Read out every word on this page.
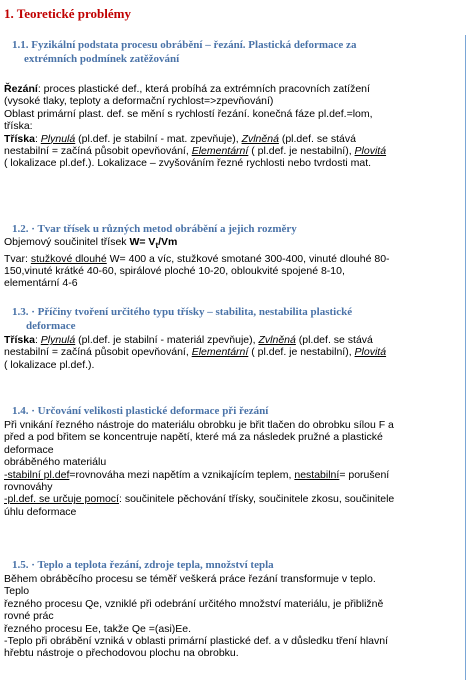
1. Teoretické problémy
1.1. Fyzikální podstata procesu obrábění – řezání. Plastická deformace za
extrémních podmínek zatěžování
Řezání: proces plastické def., která probíhá za extrémních pracovních zatížení
(vysoké tlaky, teploty a deformační rychlost=>zpevňování)
Oblast primární plast. def. se mění s rychlostí řezání. konečná fáze pl.def.=lom,
tříska:
Tříska: Plynulá (pl.def. je stabilní - mat. zpevňuje), Zvlněná (pl.def. se stává
nestabilní = začíná působit opevňování, Elementární ( pl.def. je nestabilní), Plovitá
( lokalizace pl.def.). Lokalizace – zvyšováním řezné rychlosti nebo tvrdosti mat.
1.2. · Tvar třísek u různých metod obrábění a jejich rozměry
Objemový součinitel třísek $W= V_t/Vm$
Tvar: stužkové dlouhé W= 400 a víc, stužkové smotané 300-400, vinuté dlouhé 80-
150,vinuté krátké 40-60, spirálové ploché 10-20, obloukvité spojené 8-10,
elementární 4-6
1.3. · Příčiny tvoření určitého typu třísky – stabilita, nestabilita plastické
deformace
Tříska: Plynulá (pl.def. je stabilní - materiál zpevňuje), Zvlněná (pl.def. se stává
nestabilní = začíná působit opevňování, Elementární ( pl.def. je nestabilní), Plovitá
( lokalizace pl.def.).
1.4. · Určování velikosti plastické deformace při řezání
Při vnikání řezného nástroje do materiálu obrobku je břit tlačen do obrobku sílou F a
před a pod břitem se koncentruje napětí, které má za následek pružné a plastické
deformace
obráběného materiálu
-stabilní pl.def=rovnováha mezi napětím a vznikajícím teplem, nestabilní= porušení
rovnováhy
-pl.def. se určuje pomocí: součinitele pěchování třísky, součinitele zkosu, součinitele
úhlu deformace
1.5. · Teplo a teplota řezání, zdroje tepla, množství tepla
Během obráběcího procesu se téměř veškerá práce řezání transformuje v teplo.
Teplo
řezného procesu Qe, vzniklé při odebrání určitého množství materiálu, je přibližně
rovné prác
řezného procesu Ee, takže Qe =(asi)Ee.
-Teplo při obrábění vzniká v oblasti primární plastické def. a v důsledku tření hlavní
hřebtu nástroje o přechodovou plochu na obrobku.
